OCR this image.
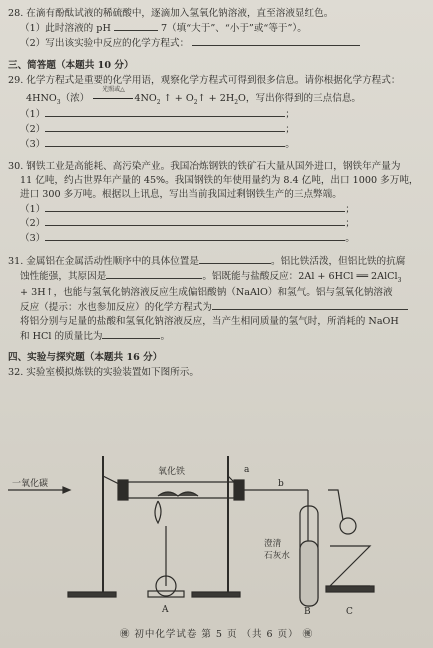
28. 在滴有酚酞试液的稀硫酸中，逐滴加入氢氧化钠溶液，直至溶液显红色。
（1）此时溶液的 pH	7（填“大于”、“小于”或“等于”）。
（2）写出该实验中反应的化学方程式：
三、简答题（本题共 10 分）
29. 化学方程式是重要的化学用语，观察化学方程式可得到很多信息。请你根据化学方程式：
$4HNO_3$（浓）
光照或△
$4NO_2$ ↑ + $O_2↑ + 2H_2O$，写出你得到的三点信息。
（1）	；
（2）	；
（3）	。
30. 钢铁工业是高能耗、高污染产业。我国冶炼钢铁的铁矿石大量从国外进口，钢铁年产量为
11 亿吨，约占世界年产量的 45%。我国钢铁的年使用量约为 8.4 亿吨，出口 1000 多万吨，
进口 300 多万吨。根据以上讯息，写出当前我国过剩钢铁生产的三点弊端。
（1）	；
（2）	；
（3）	。
31. 金属铝在金属活动性顺序中的具体位置是	。铝比铁活泼，但铝比铁的抗腐
蚀性能强，其原因是	。铝既能与盐酸反应：2Al + 6HCl ══ 2AlCl$_3$
+ 3H↑，也能与氢氧化钠溶液反应生成偏铝酸钠（NaAlO）和氢气。铝与氢氧化钠溶液
反应（提示：水也参加反应）的化学方程式为
将铝分别与足量的盐酸和氢氧化钠溶液反应，当产生相同质量的氢气时，所消耗的 NaOH
和 HCl 的质量比为	。
四、实验与探究题（本题共 16 分）
32. 实验室模拟炼铁的实验装置如下图所示。
㊝ 初中化学试卷 第 5 页 （共 6 页） ㊝
一氧化碳
氧化铁	a
b
A	B	C
澄清
石灰水
